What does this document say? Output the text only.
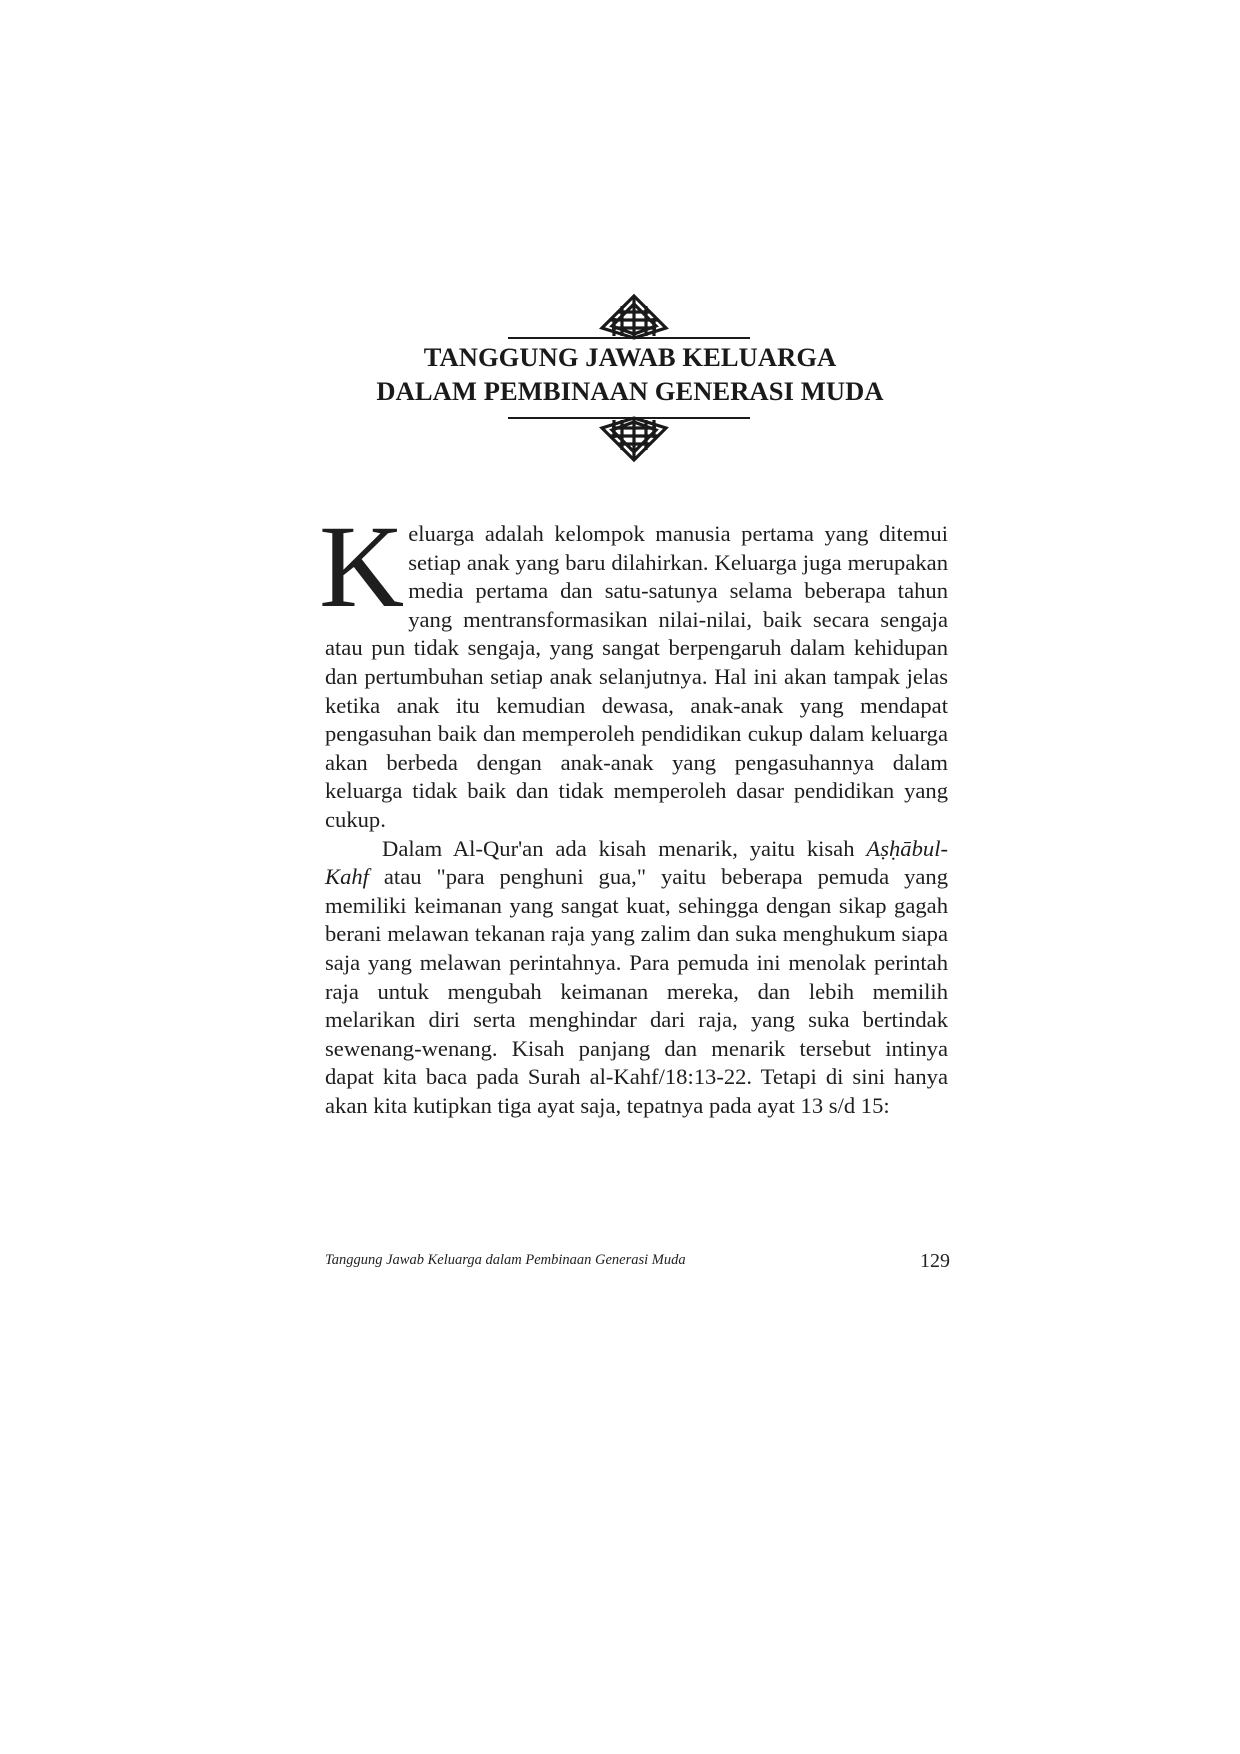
TANGGUNG JAWAB KELUARGA
DALAM PEMBINAAN GENERASI MUDA

Keluarga adalah kelompok manusia pertama yang ditemui setiap anak yang baru dilahirkan. Keluarga juga merupakan media pertama dan satu-satunya selama beberapa tahun yang mentransformasikan nilai-nilai, baik secara sengaja atau pun tidak sengaja, yang sangat berpengaruh dalam kehidupan dan pertumbuhan setiap anak selanjutnya. Hal ini akan tampak jelas ketika anak itu kemudian dewasa, anak-anak yang mendapat pengasuhan baik dan memperoleh pendidikan cukup dalam keluarga akan berbeda dengan anak-anak yang pengasuhannya dalam keluarga tidak baik dan tidak memperoleh dasar pendidikan yang cukup.

Dalam Al-Qur'an ada kisah menarik, yaitu kisah Aṣḥābul-Kahf atau "para penghuni gua," yaitu beberapa pemuda yang memiliki keimanan yang sangat kuat, sehingga dengan sikap gagah berani melawan tekanan raja yang zalim dan suka menghukum siapa saja yang melawan perintahnya. Para pemuda ini menolak perintah raja untuk mengubah keimanan mereka, dan lebih memilih melarikan diri serta menghindar dari raja, yang suka bertindak sewenang-wenang. Kisah panjang dan menarik tersebut intinya dapat kita baca pada Surah al-Kahf/18:13-22. Tetapi di sini hanya akan kita kutipkan tiga ayat saja, tepatnya pada ayat 13 s/d 15:

Tanggung Jawab Keluarga dalam Pembinaan Generasi Muda	129
